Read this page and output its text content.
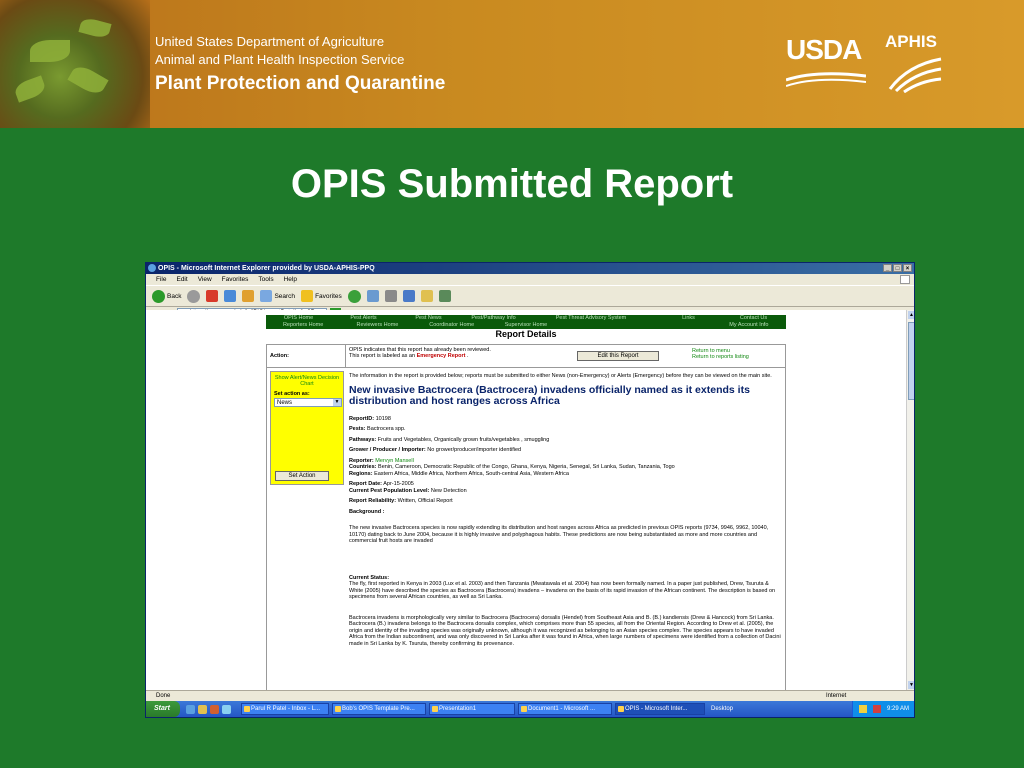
United States Department of Agriculture
Animal and Plant Health Inspection Service
Plant Protection and Quarantine
USDA APHIS
OPIS Submitted Report
OPIS - Microsoft Internet Explorer provided by USDA-APHIS-PPQ	_	□	×
File Edit View Favorites Tools Help
Back	Search	Favorites
OPIS Home	Pest Alerts	Pest News	Pest/Pathway Info	Pest Threat Advisory System	Links	Contact Us
Reporters Home	Reviewers Home	Coordinator Home	Supervisor Home	My Account Info
Report Details
Action:
OPIS indicates that this report has already been reviewed.
This report is labeled as an Emergency Report .	Edit this Report
Return to menu
Return to reports listing

The information in the report is provided below; reports must be submitted to either News (non-Emergency) or Alerts (Emergency) before they can be viewed on the main site.

New invasive Bactrocera (Bactrocera) invadens officially named as it extends its distribution and host ranges across Africa

ReportID: 10198

Pests: Bactrocera spp.

Pathways: Fruits and Vegetables, Organically grown fruits/vegetables , smuggling

Grower / Producer / Importer: No grower/producer/importer identified

Reporter: Mervyn Mansell

Countries: Benin, Cameroon, Democratic Republic of the Congo, Ghana, Kenya, Nigeria, Senegal, Sri Lanka, Sudan, Tanzania, Togo

Regions: Eastern Africa, Middle Africa, Northern Africa, South-central Asia, Western Africa

Report Date: Apr-15-2005

Current Pest Population Level: New Detection

Report Reliability: Written, Official Report

Background :

The new invasive Bactrocera species is now rapidly extending its distribution and host ranges across Africa as predicted in previous OPIS reports (9734, 9946, 9962, 10040, 10170) dating back to June 2004, because it is highly invasive and polyphagous habits. These predictions are now being substantiated as more and more countries and commercial fruit hosts are invaded

Current Status:

The fly, first reported in Kenya in 2003 (Lux et al. 2003) and then Tanzania (Mwatawala et al. 2004) has now been formally named. In a paper just published, Drew, Tsuruta & White (2005) have described the species as Bactrocera (Bactrocera) invadens – invadens on the basis of its rapid invasion of the African continent. The description is based on specimens from several African countries, as well as Sri Lanka.

Bactrocera invadens is morphologically very similar to Bactrocera (Bactrocera) dorsalis (Hendel) from Southeast Asia and B. (B.) kandiensis (Drew & Hancock) from Sri Lanka. Bactrocera (B.) invadens belongs to the Bactrocera dorsalis complex, which comprises more than 55 species, all from the Oriental Region. According to Drew et al. (2005), the origin and identity of the invading species was originally unknown, although it was recognized as belonging to an Asian species complex. The species appears to have invaded Africa from the Indian subcontinent, and was only discovered in Sri Lanka after it was found in Africa, when large numbers of specimens were identified from a collection of Dacini made in Sri Lanka by K. Tsuruta, thereby confirming its provenance.

Show Alert/News Decision Chart
Set action as:
News	▼
Set Action
▲
▼
Done	Internet
Start	Parul R Patel - Inbox - L...	Bob's OPIS Template Pre...	Presentation1	Document1 - Microsoft ...	OPIS - Microsoft Inter...	Desktop	9:29 AM
